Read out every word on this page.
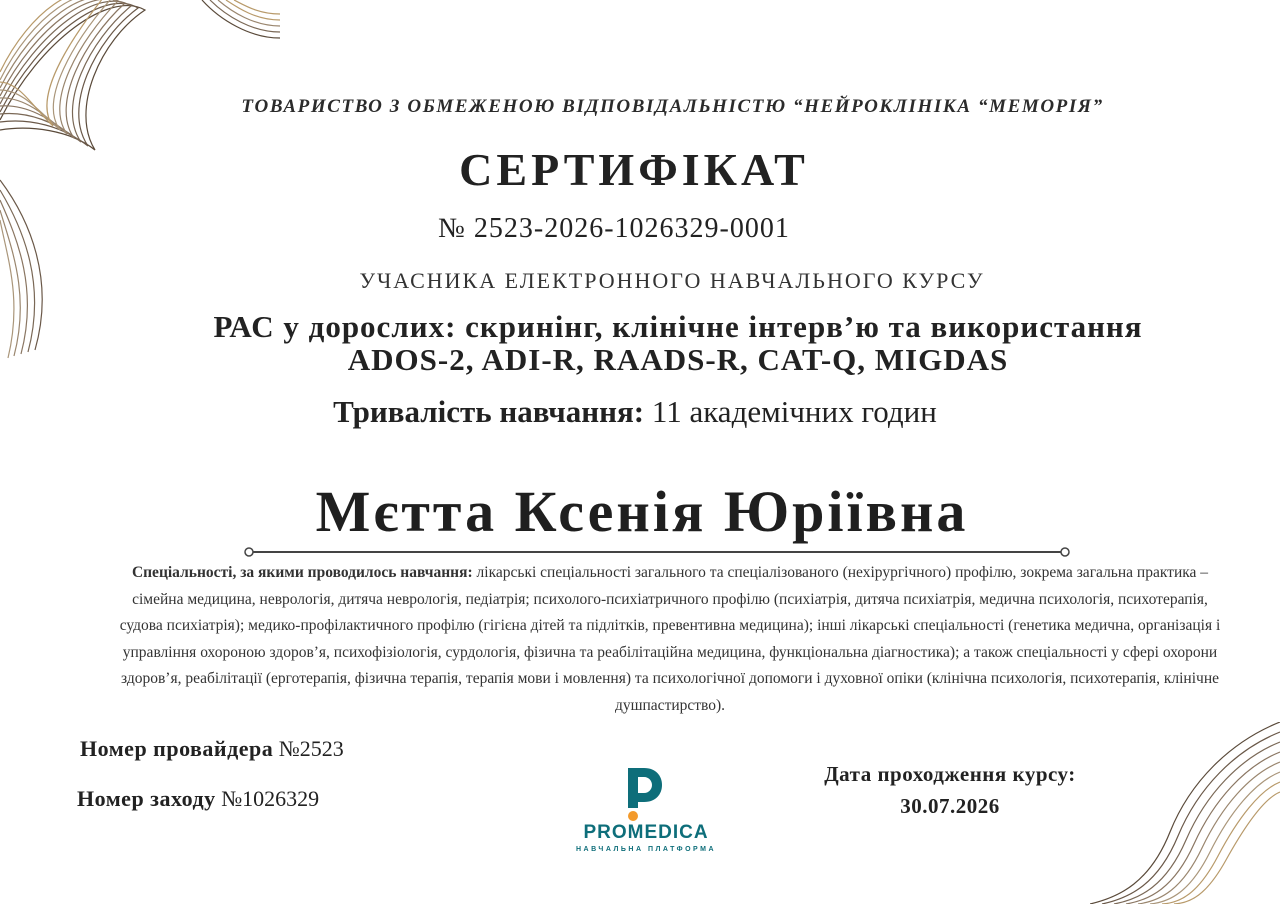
ТОВАРИСТВО З ОБМЕЖЕНОЮ ВІДПОВІДАЛЬНІСТЮ “НЕЙРОКЛІНІКА “МЕМОРІЯ”
СЕРТИФІКАТ
№ 2523-2026-1026329-0001
УЧАСНИКА ЕЛЕКТРОННОГО НАВЧАЛЬНОГО КУРСУ
РАС у дорослих: скринінг, клінічне інтерв’ю та використання
ADOS-2, ADI-R, RAADS-R, CAT-Q, MIGDAS
Тривалість навчання: 11 академічних годин
Мєтта Ксенія Юріївна
Спеціальності, за якими проводилось навчання: лікарські спеціальності загального та спеціалізованого (нехірургічного) профілю, зокрема загальна практика – сімейна медицина, неврологія, дитяча неврологія, педіатрія; психолого-психіатричного профілю (психіатрія, дитяча психіатрія, медична психологія, психотерапія, судова психіатрія); медико-профілактичного профілю (гігієна дітей та підлітків, превентивна медицина); інші лікарські спеціальності (генетика медична, організація і управління охороною здоров’я, психофізіологія, сурдологія, фізична та реабілітаційна медицина, функціональна діагностика); а також спеціальності у сфері охорони здоров’я, реабілітації (ерготерапія, фізична терапія, терапія мови і мовлення) та психологічної допомоги і духовної опіки (клінічна психологія, психотерапія, клінічне душпастирство).
Номер провайдера №2523
Номер заходу №1026329
PROMEDICA
НАВЧАЛЬНА ПЛАТФОРМА
Дата проходження курсу:
30.07.2026
